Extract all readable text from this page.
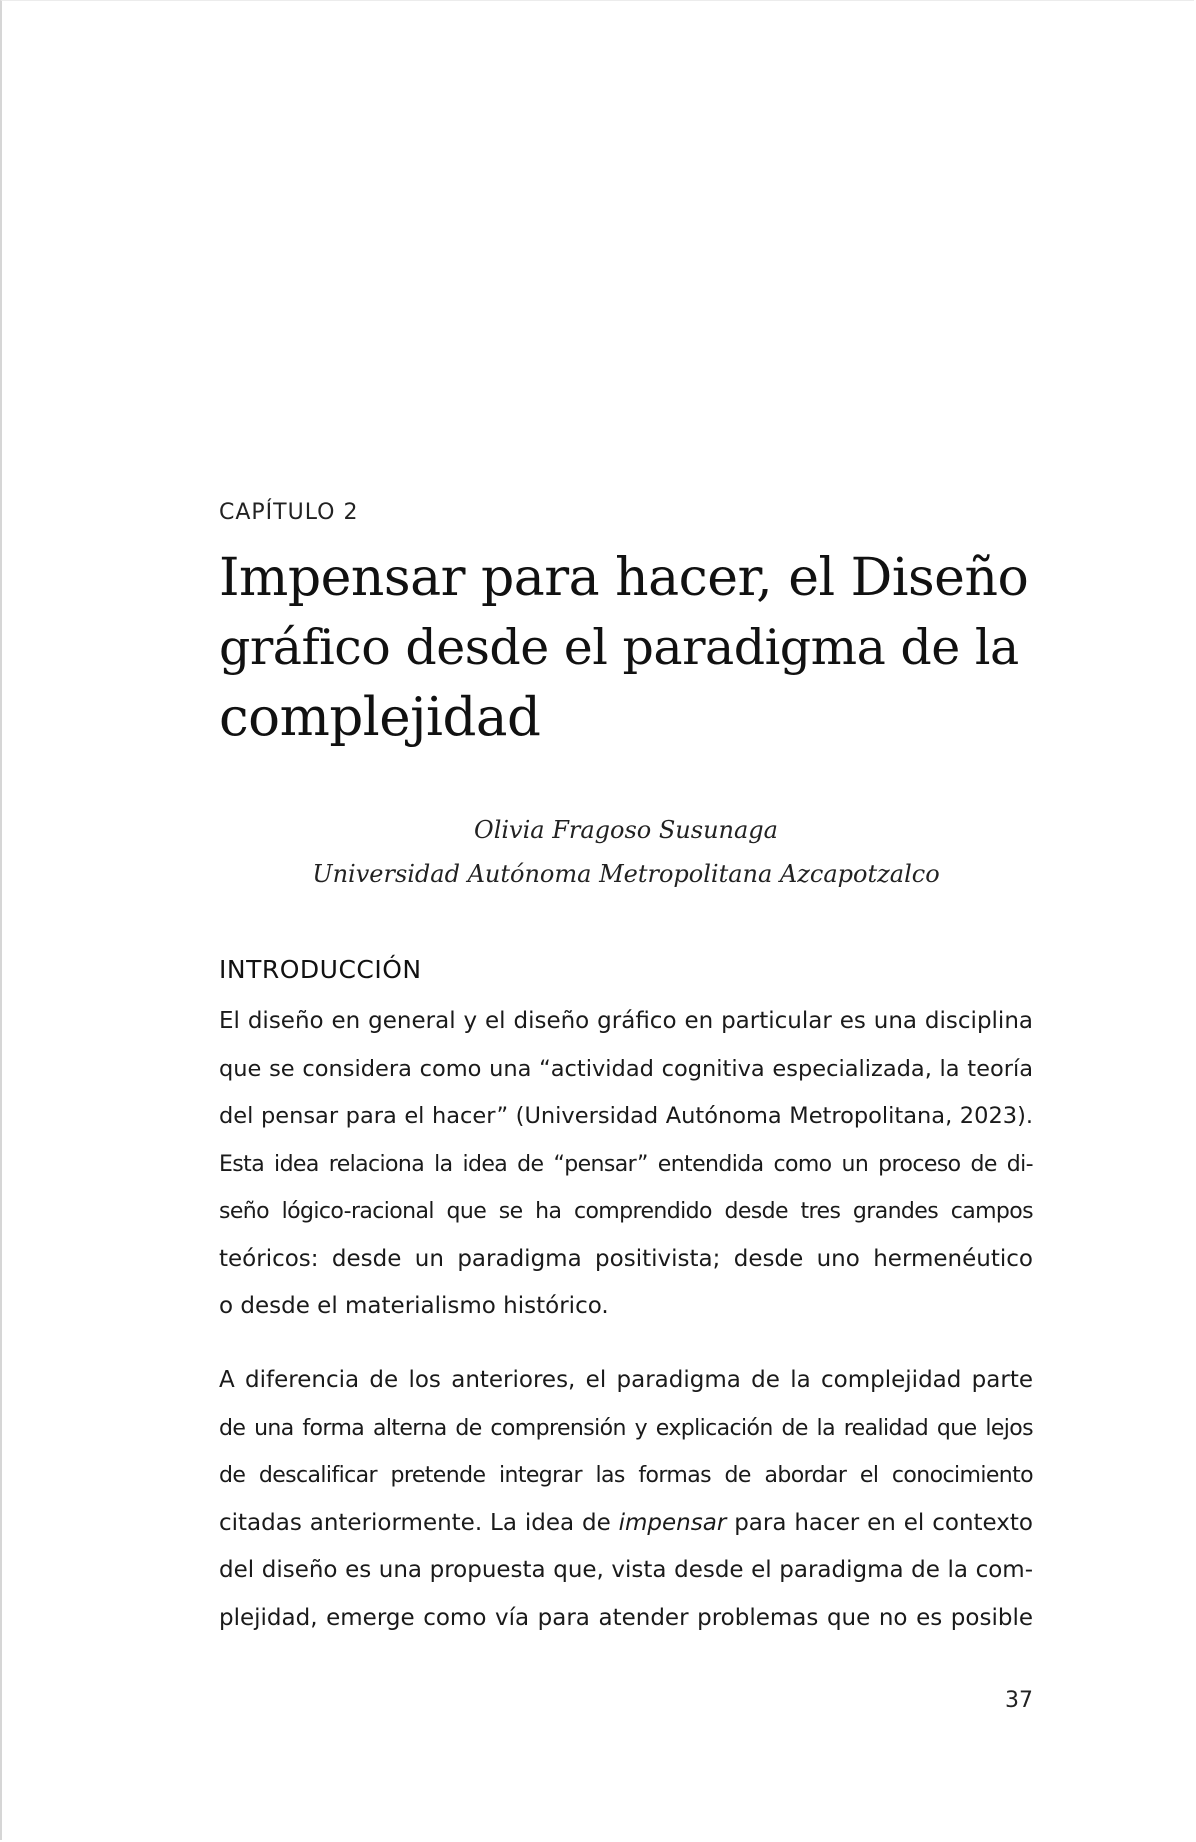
CAPÍTULO 2
Impensar para hacer, el Diseño
gráfico desde el paradigma de la
complejidad
Olivia Fragoso Susunaga
Universidad Autónoma Metropolitana Azcapotzalco
INTRODUCCIÓN

El diseño en general y el diseño gráfico en particular es una disciplina
que se considera como una “actividad cognitiva especializada, la teoría
del pensar para el hacer” (Universidad Autónoma Metropolitana, 2023).
Esta idea relaciona la idea de “pensar” entendida como un proceso de di-
seño lógico-racional que se ha comprendido desde tres grandes campos
teóricos: desde un paradigma positivista; desde uno hermenéutico
o desde el materialismo histórico.

A diferencia de los anteriores, el paradigma de la complejidad parte
de una forma alterna de comprensión y explicación de la realidad que lejos
de descalificar pretende integrar las formas de abordar el conocimiento
citadas anteriormente. La idea de impensar para hacer en el contexto
del diseño es una propuesta que, vista desde el paradigma de la com-
plejidad, emerge como vía para atender problemas que no es posible

37
